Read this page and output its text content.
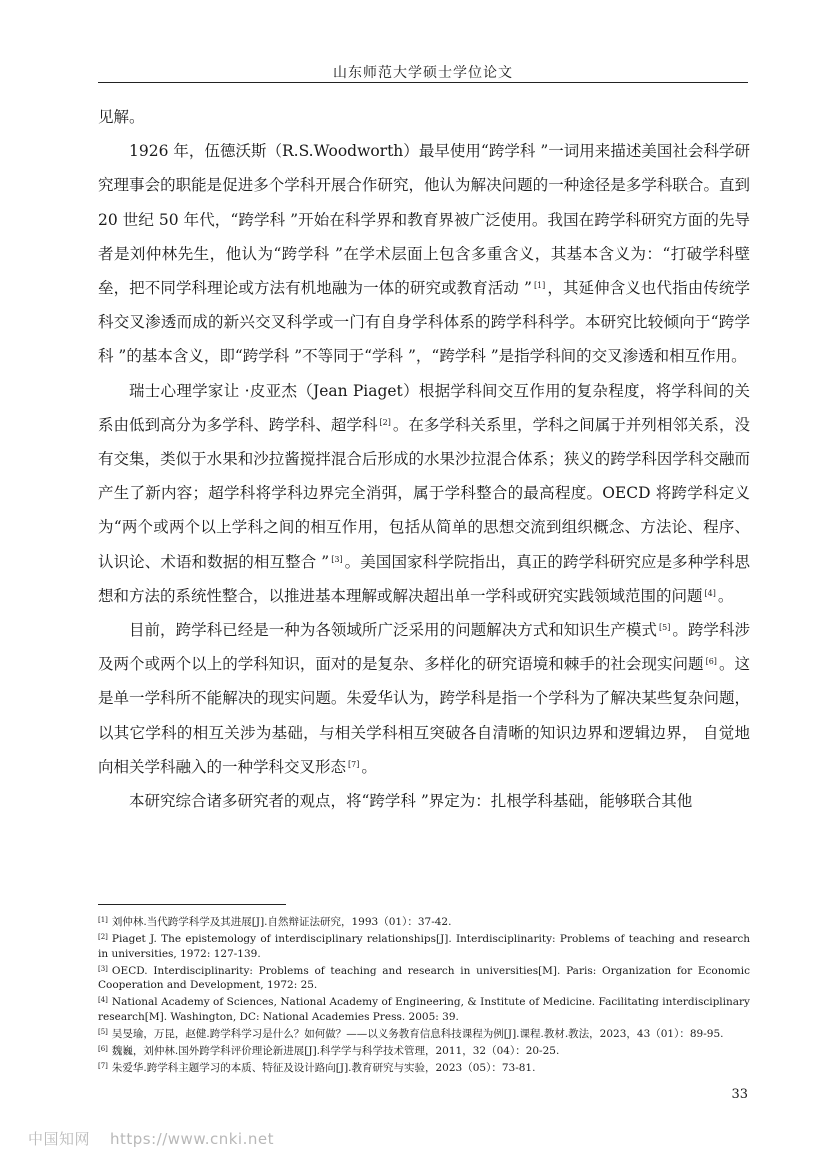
山东师范大学硕士学位论文

见解。

1926 年，伍德沃斯（R.S.Woodworth）最早使用“跨学科 ”一词用来描述美国社会科学研究理事会的职能是促进多个学科开展合作研究，他认为解决问题的一种途径是多学科联合。直到 20 世纪 50 年代，“跨学科 ”开始在科学界和教育界被广泛使用。我国在跨学科研究方面的先导者是刘仲林先生，他认为“跨学科 ”在学术层面上包含多重含义，其基本含义为：“打破学科壁垒，把不同学科理论或方法有机地融为一体的研究或教育活动 ” [1] ，其延伸含义也代指由传统学科交叉渗透而成的新兴交叉科学或一门有自身学科体系的跨学科科学。本研究比较倾向于“跨学科 ”的基本含义，即“跨学科 ”不等同于“学科 ”，“跨学科 ”是指学科间的交叉渗透和相互作用。

瑞士心理学家让 ·皮亚杰（Jean Piaget）根据学科间交互作用的复杂程度，将学科间的关系由低到高分为多学科、跨学科、超学科 [2] 。在多学科关系里，学科之间属于并列相邻关系，没有交集，类似于水果和沙拉酱搅拌混合后形成的水果沙拉混合体系；狭义的跨学科因学科交融而产生了新内容；超学科将学科边界完全消弭，属于学科整合的最高程度。OECD 将跨学科定义为“两个或两个以上学科之间的相互作用，包括从简单的思想交流到组织概念、方法论、程序、认识论、术语和数据的相互整合 ” [3] 。美国国家科学院指出，真正的跨学科研究应是多种学科思想和方法的系统性整合，以推进基本理解或解决超出单一学科或研究实践领域范围的问题 [4] 。

目前，跨学科已经是一种为各领域所广泛采用的问题解决方式和知识生产模式 [5] 。跨学科涉及两个或两个以上的学科知识，面对的是复杂、多样化的研究语境和棘手的社会现实问题 [6] 。这是单一学科所不能解决的现实问题。朱爱华认为，跨学科是指一个学科为了解决某些复杂问题，以其它学科的相互关涉为基础，与相关学科相互突破各自清晰的知识边界和逻辑边界， 自觉地向相关学科融入的一种学科交叉形态 [7] 。

本研究综合诸多研究者的观点，将“跨学科 ”界定为：扎根学科基础，能够联合其他

[1] 刘仲林.当代跨学科学及其进展[J].自然辩证法研究，1993（01）：37-42.

[2] Piaget J. The epistemology of interdisciplinary relationships[J]. Interdisciplinarity: Problems of teaching and research in universities, 1972: 127-139.

[3] OECD. Interdisciplinarity: Problems of teaching and research in universities[M]. Paris: Organization for Economic Cooperation and Development, 1972: 25.

[4] National Academy of Sciences, National Academy of Engineering, & Institute of Medicine. Facilitating interdisciplinary research[M]. Washington, DC: National Academies Press. 2005: 39.

[5] 吴旻瑜，万昆，赵健.跨学科学习是什么？如何做？——以义务教育信息科技课程为例[J].课程.教材.教法，2023，43（01）：89-95.

[6] 魏巍，刘仲林.国外跨学科评价理论新进展[J].科学学与科学技术管理，2011，32（04）：20-25.

[7] 朱爱华.跨学科主题学习的本质、特征及设计路向[J].教育研究与实验，2023（05）：73-81.

33
中国知网 https://www.cnki.net
